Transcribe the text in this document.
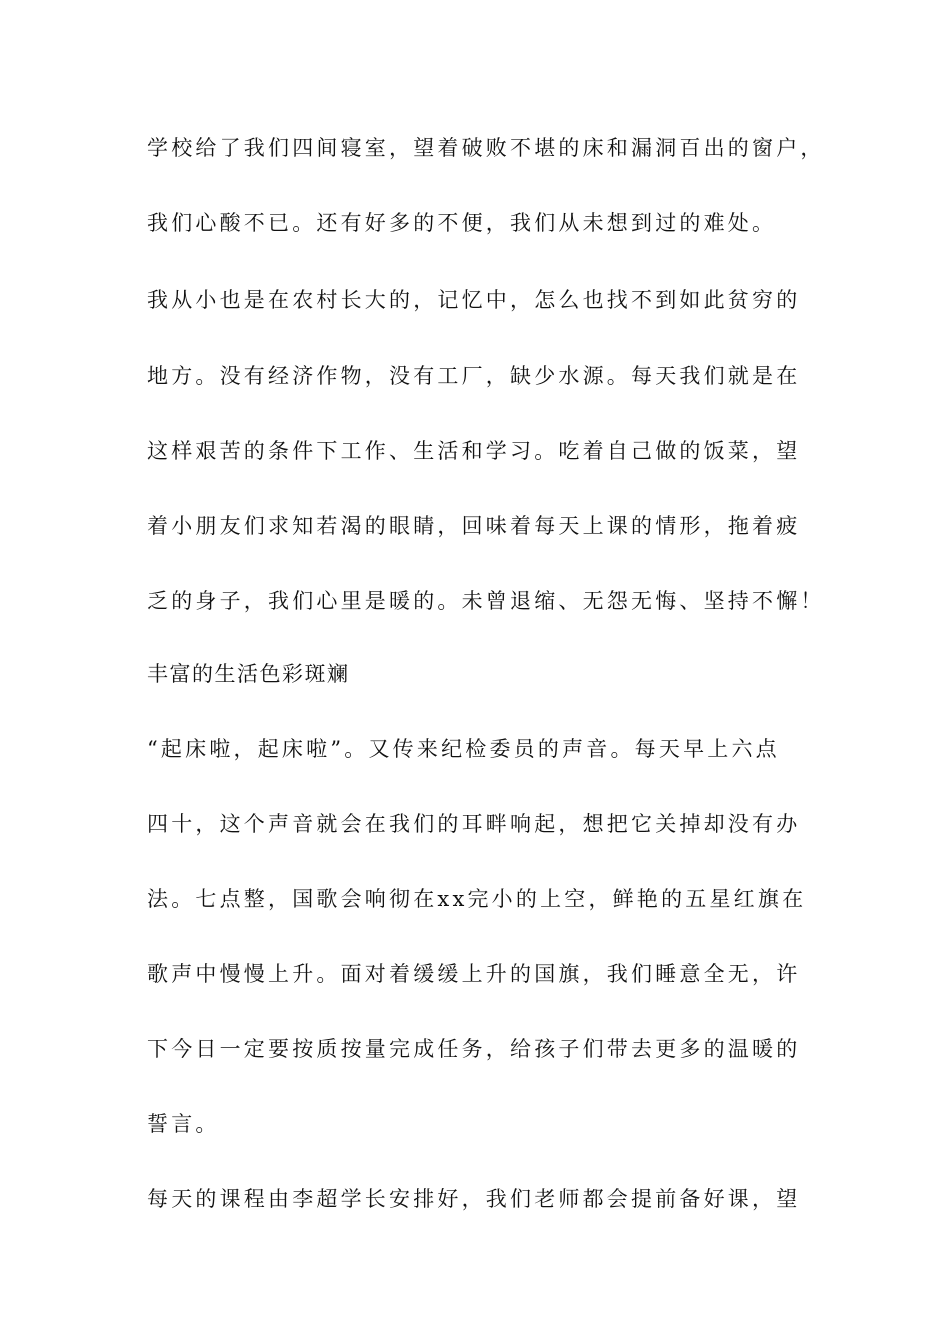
学校给了我们四间寝室，望着破败不堪的床和漏洞百出的窗户，
我们心酸不已。还有好多的不便，我们从未想到过的难处。
我从小也是在农村长大的，记忆中，怎么也找不到如此贫穷的
地方。没有经济作物，没有工厂，缺少水源。每天我们就是在
这样艰苦的条件下工作、生活和学习。吃着自己做的饭菜，望
着小朋友们求知若渴的眼睛，回味着每天上课的情形，拖着疲
乏的身子，我们心里是暖的。未曾退缩、无怨无悔、坚持不懈！
丰富的生活色彩斑斓
“起床啦，起床啦”。又传来纪检委员的声音。每天早上六点
四十，这个声音就会在我们的耳畔响起，想把它关掉却没有办
法。七点整，国歌会响彻在xx完小的上空，鲜艳的五星红旗在
歌声中慢慢上升。面对着缓缓上升的国旗，我们睡意全无，许
下今日一定要按质按量完成任务，给孩子们带去更多的温暖的
誓言。
每天的课程由李超学长安排好，我们老师都会提前备好课，望
